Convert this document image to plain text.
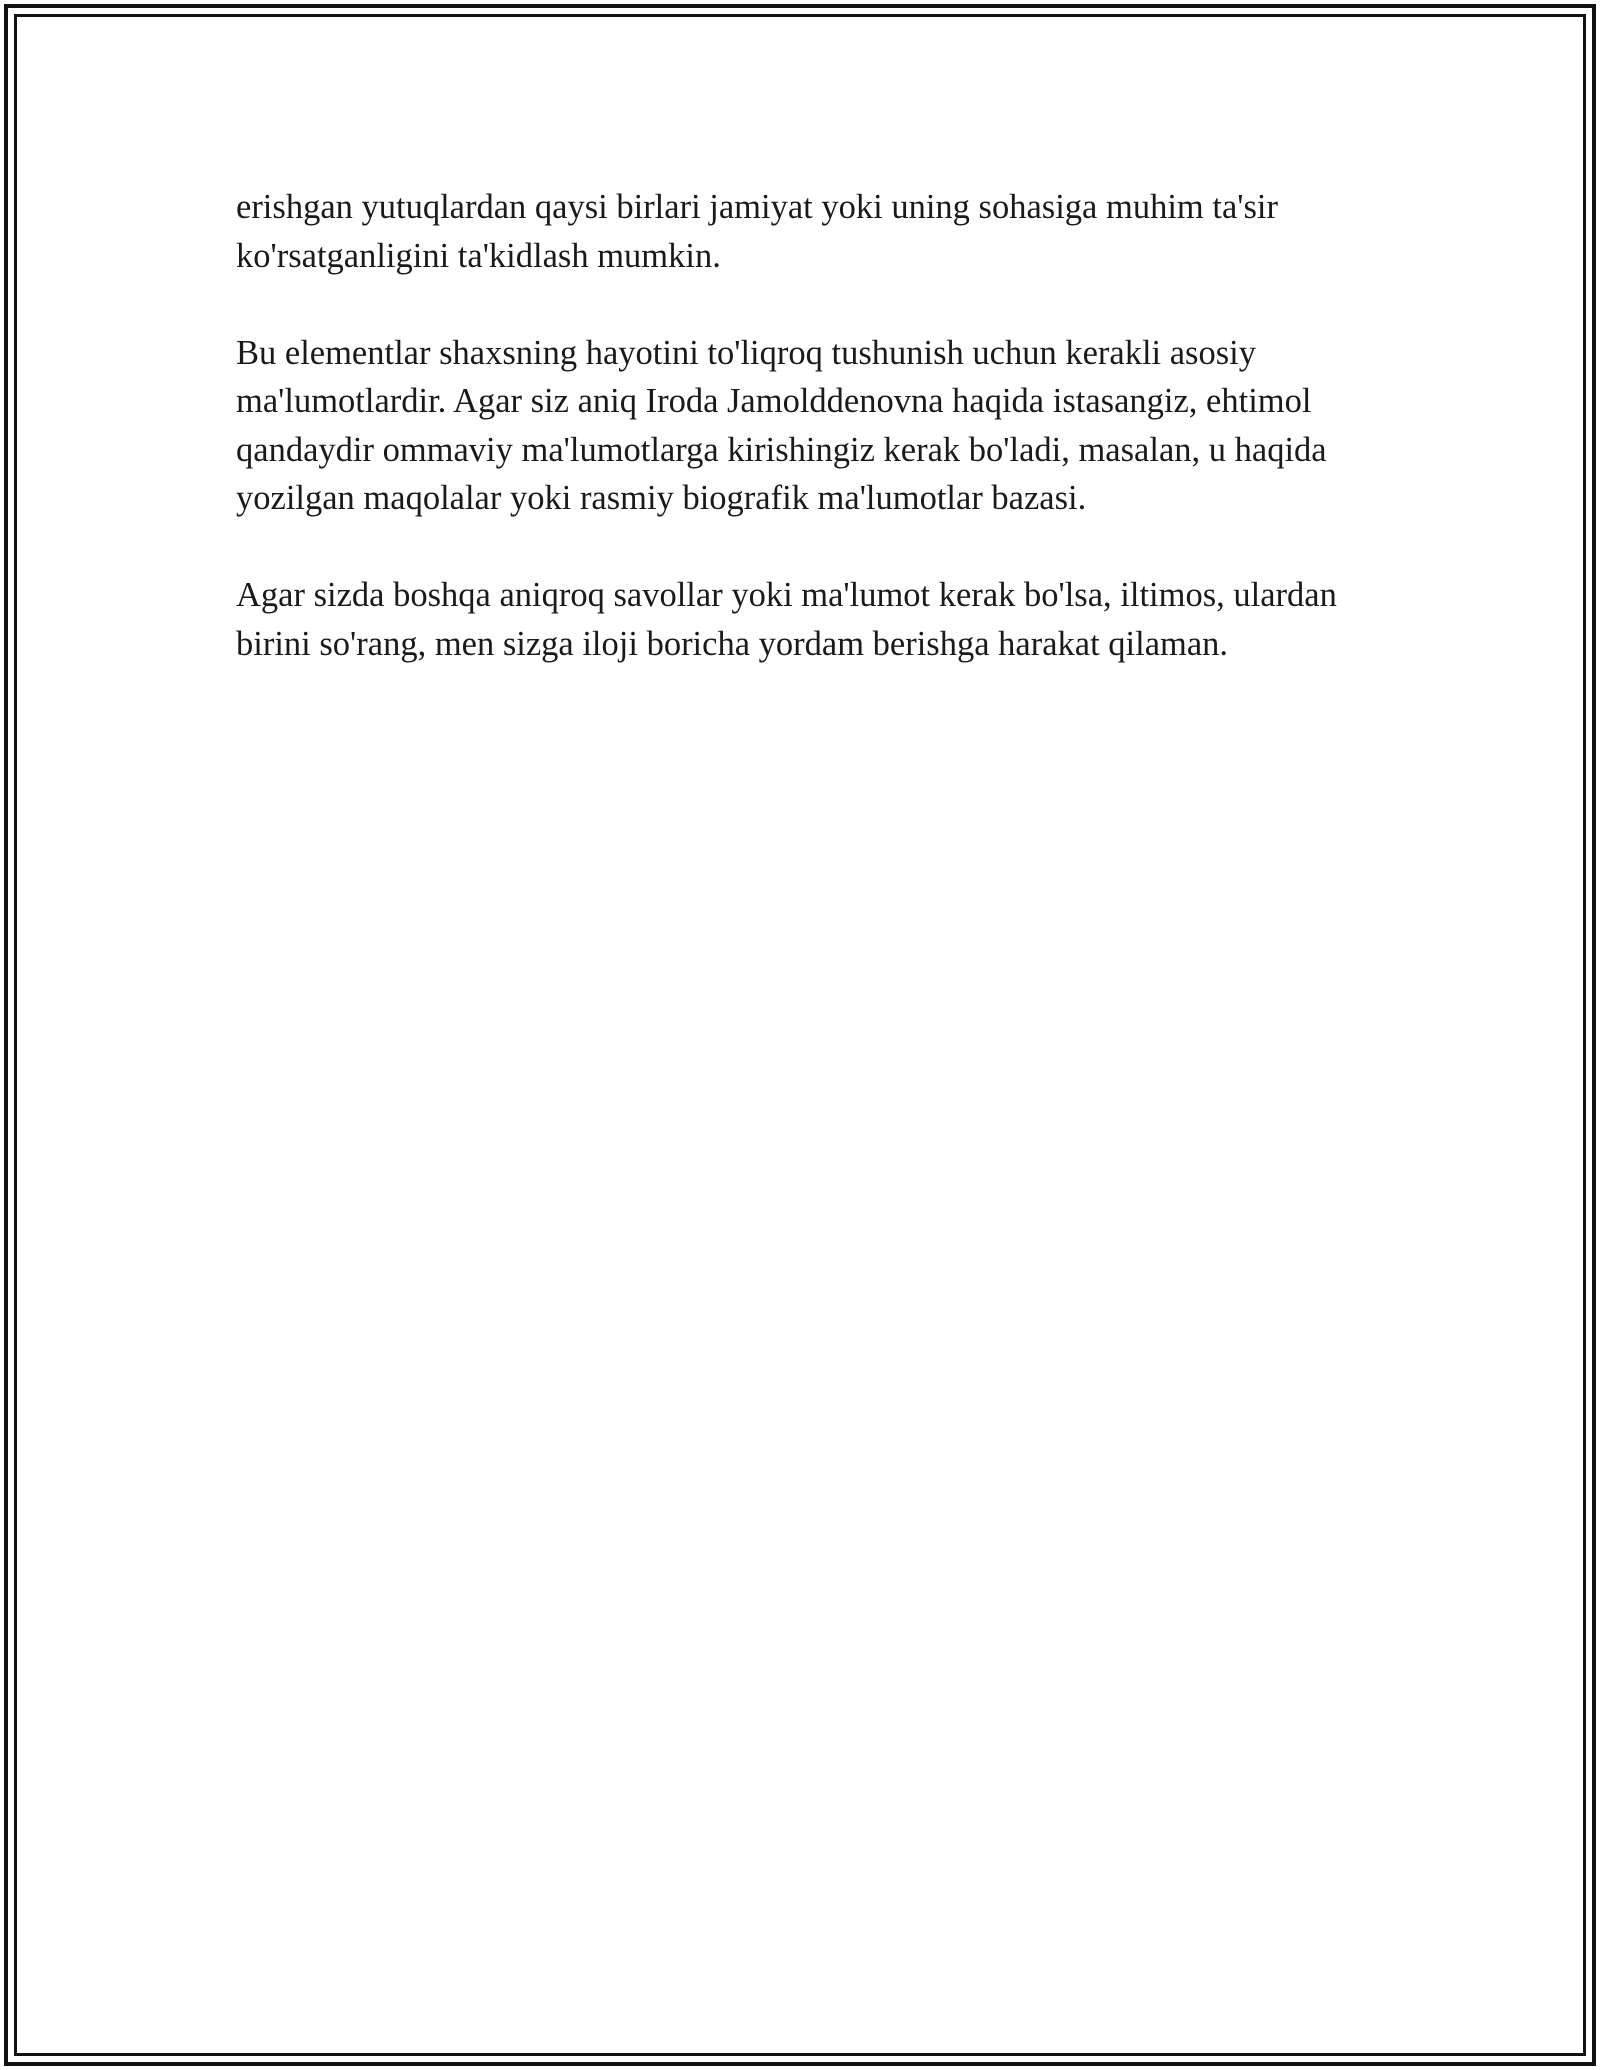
erishgan yutuqlardan qaysi birlari jamiyat yoki uning sohasiga muhim ta'sir ko'rsatganligini ta'kidlash mumkin.

Bu elementlar shaxsning hayotini to'liqroq tushunish uchun kerakli asosiy ma'lumotlardir. Agar siz aniq Iroda Jamolddenovna haqida istasangiz, ehtimol qandaydir ommaviy ma'lumotlarga kirishingiz kerak bo'ladi, masalan, u haqida yozilgan maqolalar yoki rasmiy biografik ma'lumotlar bazasi.

Agar sizda boshqa aniqroq savollar yoki ma'lumot kerak bo'lsa, iltimos, ulardan birini so'rang, men sizga iloji boricha yordam berishga harakat qilaman.
